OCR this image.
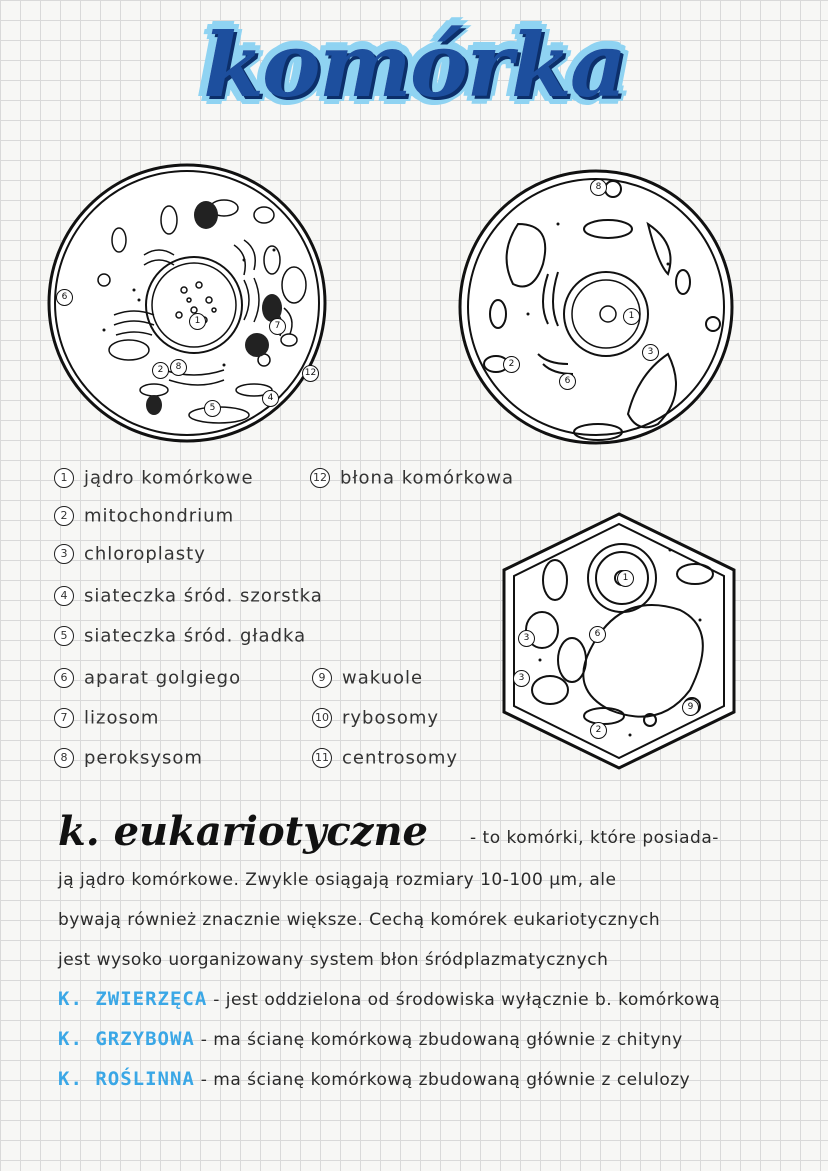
komórka
1 jądro komórkowe	12 błona komórkowa
2 mitochondrium
3 chloroplasty
4 siateczka śród. szorstka
5 siateczka śród. gładka
6 aparat golgiego	9 wakuole
7 lizosom	10 rybosomy
8 peroksysom	11 centrosomy
k. eukariotyczne - to komórki, które posiada-
ją jądro komórkowe. Zwykle osiągają rozmiary 10-100 µm, ale
bywają również znacznie większe. Cechą komórek eukariotycznych
jest wysoko uorganizowany system błon śródplazmatycznych
K. ZWIERZĘCA - jest oddzielona od środowiska wyłącznie b. komórkową
K. GRZYBOWA - ma ścianę komórkową zbudowaną głównie z chityny
K. ROŚLINNA - ma ścianę komórkową zbudowaną głównie z celulozy
12
1
2
6
7
8
4
5
8
1
2
6
3
1
3
3
6
2
9
